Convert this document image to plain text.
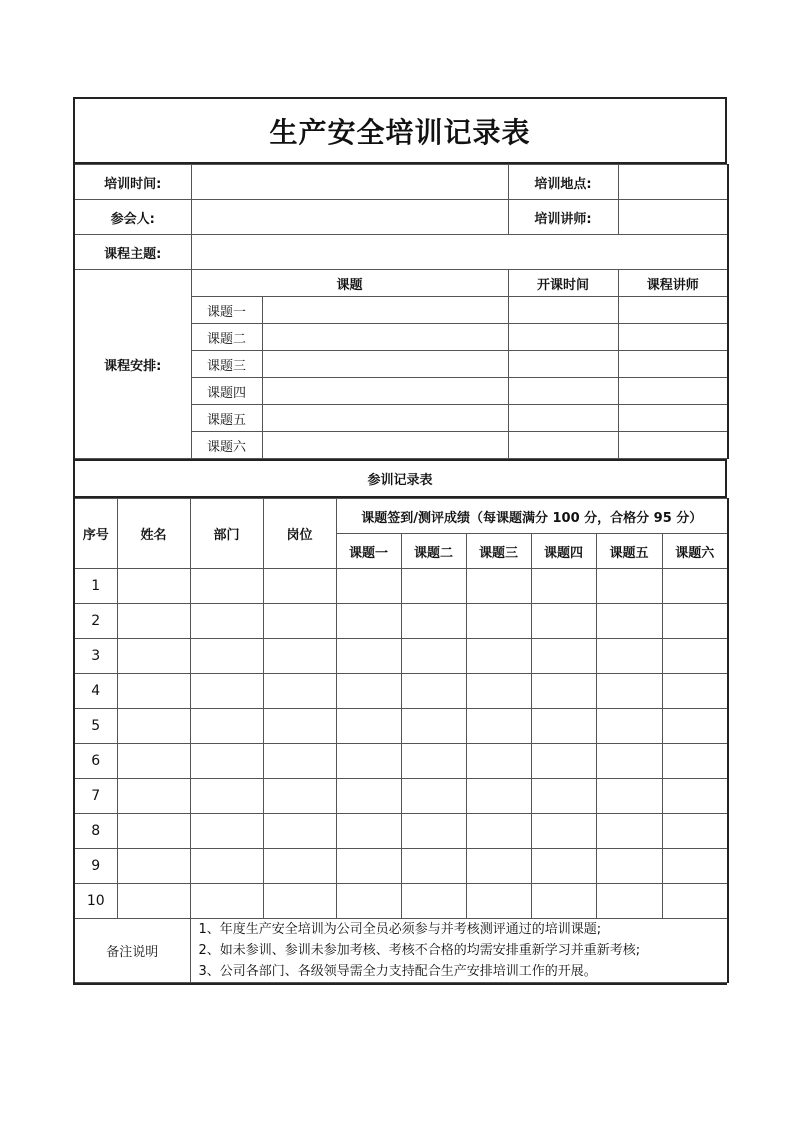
生产安全培训记录表
培训时间:			培训地点:	
参会人:			培训讲师:	
课程主题:				
课程安排:	课题		开课时间	课程讲师
	课题一			
	课题二			
	课题三			
	课题四			
	课题五			
	课题六			
参训记录表
序号	姓名	部门	岗位	课题签到/测评成绩（每课题满分 100 分，合格分 95 分）					
				课题一	课题二	课题三	课题四	课题五	课题六
1									
2									
3									
4									
5									
6									
7									
8									
9									
10									
备注说明		1、年度生产安全培训为公司全员必须参与并考核测评通过的培训课题;
2、如未参训、参训未参加考核、考核不合格的均需安排重新学习并重新考核;
3、公司各部门、各级领导需全力支持配合生产安排培训工作的开展。							
